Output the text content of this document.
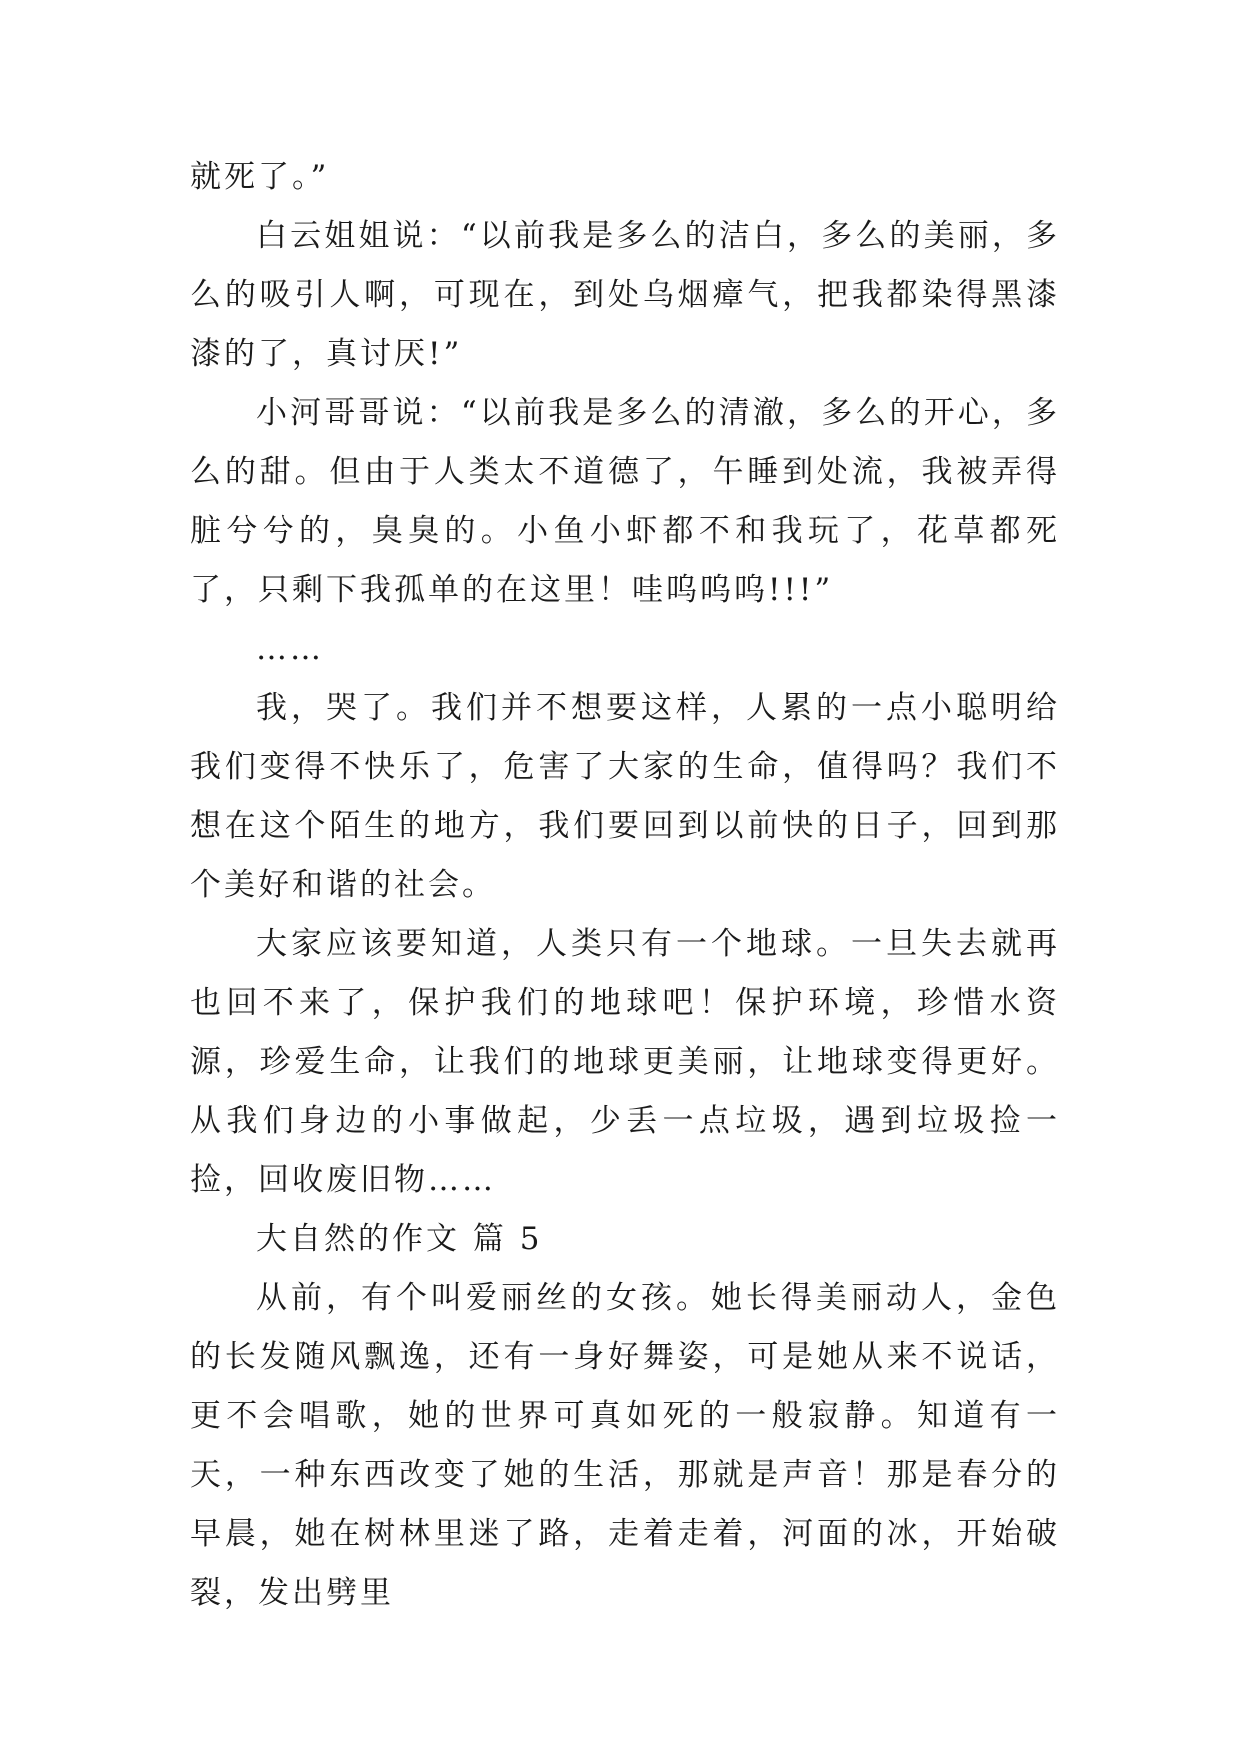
就死了。”

白云姐姐说：“以前我是多么的洁白，多么的美丽，多么的吸引人啊，可现在，到处乌烟瘴气，把我都染得黑漆漆的了，真讨厌!”

小河哥哥说：“以前我是多么的清澈，多么的开心，多么的甜。但由于人类太不道德了，午睡到处流，我被弄得脏兮兮的，臭臭的。小鱼小虾都不和我玩了，花草都死了，只剩下我孤单的在这里！哇呜呜呜!!!”

……

我，哭了。我们并不想要这样，人累的一点小聪明给我们变得不快乐了，危害了大家的生命，值得吗？我们不想在这个陌生的地方，我们要回到以前快的日子，回到那个美好和谐的社会。

大家应该要知道，人类只有一个地球。一旦失去就再也回不来了，保护我们的地球吧！保护环境，珍惜水资源，珍爱生命，让我们的地球更美丽，让地球变得更好。从我们身边的小事做起，少丢一点垃圾，遇到垃圾捡一捡，回收废旧物……

大自然的作文 篇 5

从前，有个叫爱丽丝的女孩。她长得美丽动人，金色的长发随风飘逸，还有一身好舞姿，可是她从来不说话，更不会唱歌，她的世界可真如死的一般寂静。知道有一天，一种东西改变了她的生活，那就是声音！那是春分的早晨，她在树林里迷了路，走着走着，河面的冰，开始破裂，发出劈里
